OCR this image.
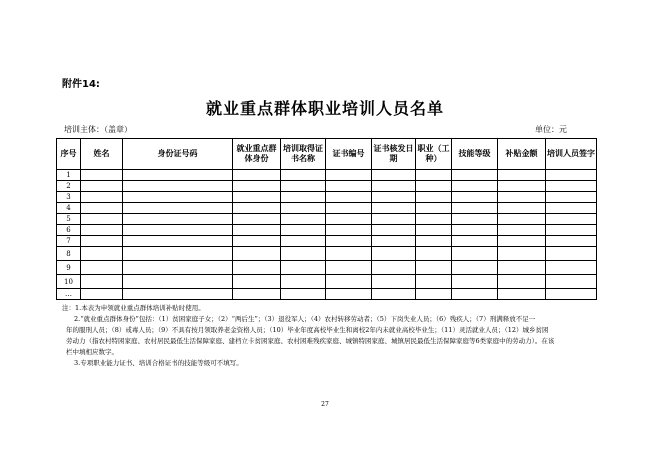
附件14:
就业重点群体职业培训人员名单
培训主体：（盖章）	单位：元
序号	姓名	身份证号码	就业重点群体身份	培训取得证书名称	证书编号	证书核发日期	职业（工种）	技能等级	补贴金额	培训人员签字
1										
2										
3										
4										
5										
6										
7										
8										
9										
10										
…										

注：1.本表为申领就业重点群体培训补贴时使用。

2.“就业重点群体身份”包括：（1）贫困家庭子女；（2）“两后生”；（3）退役军人；（4）农村转移劳动者；（5）下岗失业人员；（6）残疾人；（7）刑满释放不足一

年的服刑人员；（8）戒毒人员；（9）不具有按月领取养老金资格人员；（10）毕业年度高校毕业生和离校2年内未就业高校毕业生；（11）灵活就业人员；（12）城乡贫困

劳动力（指农村特困家庭、农村居民最低生活保障家庭、建档立卡贫困家庭、农村困难残疾家庭、城镇特困家庭、城镇居民最低生活保障家庭等6类家庭中的劳动力）。在该

栏中填相应数字。

3.专项职业能力证书、培训合格证书的技能等级可不填写。

27
